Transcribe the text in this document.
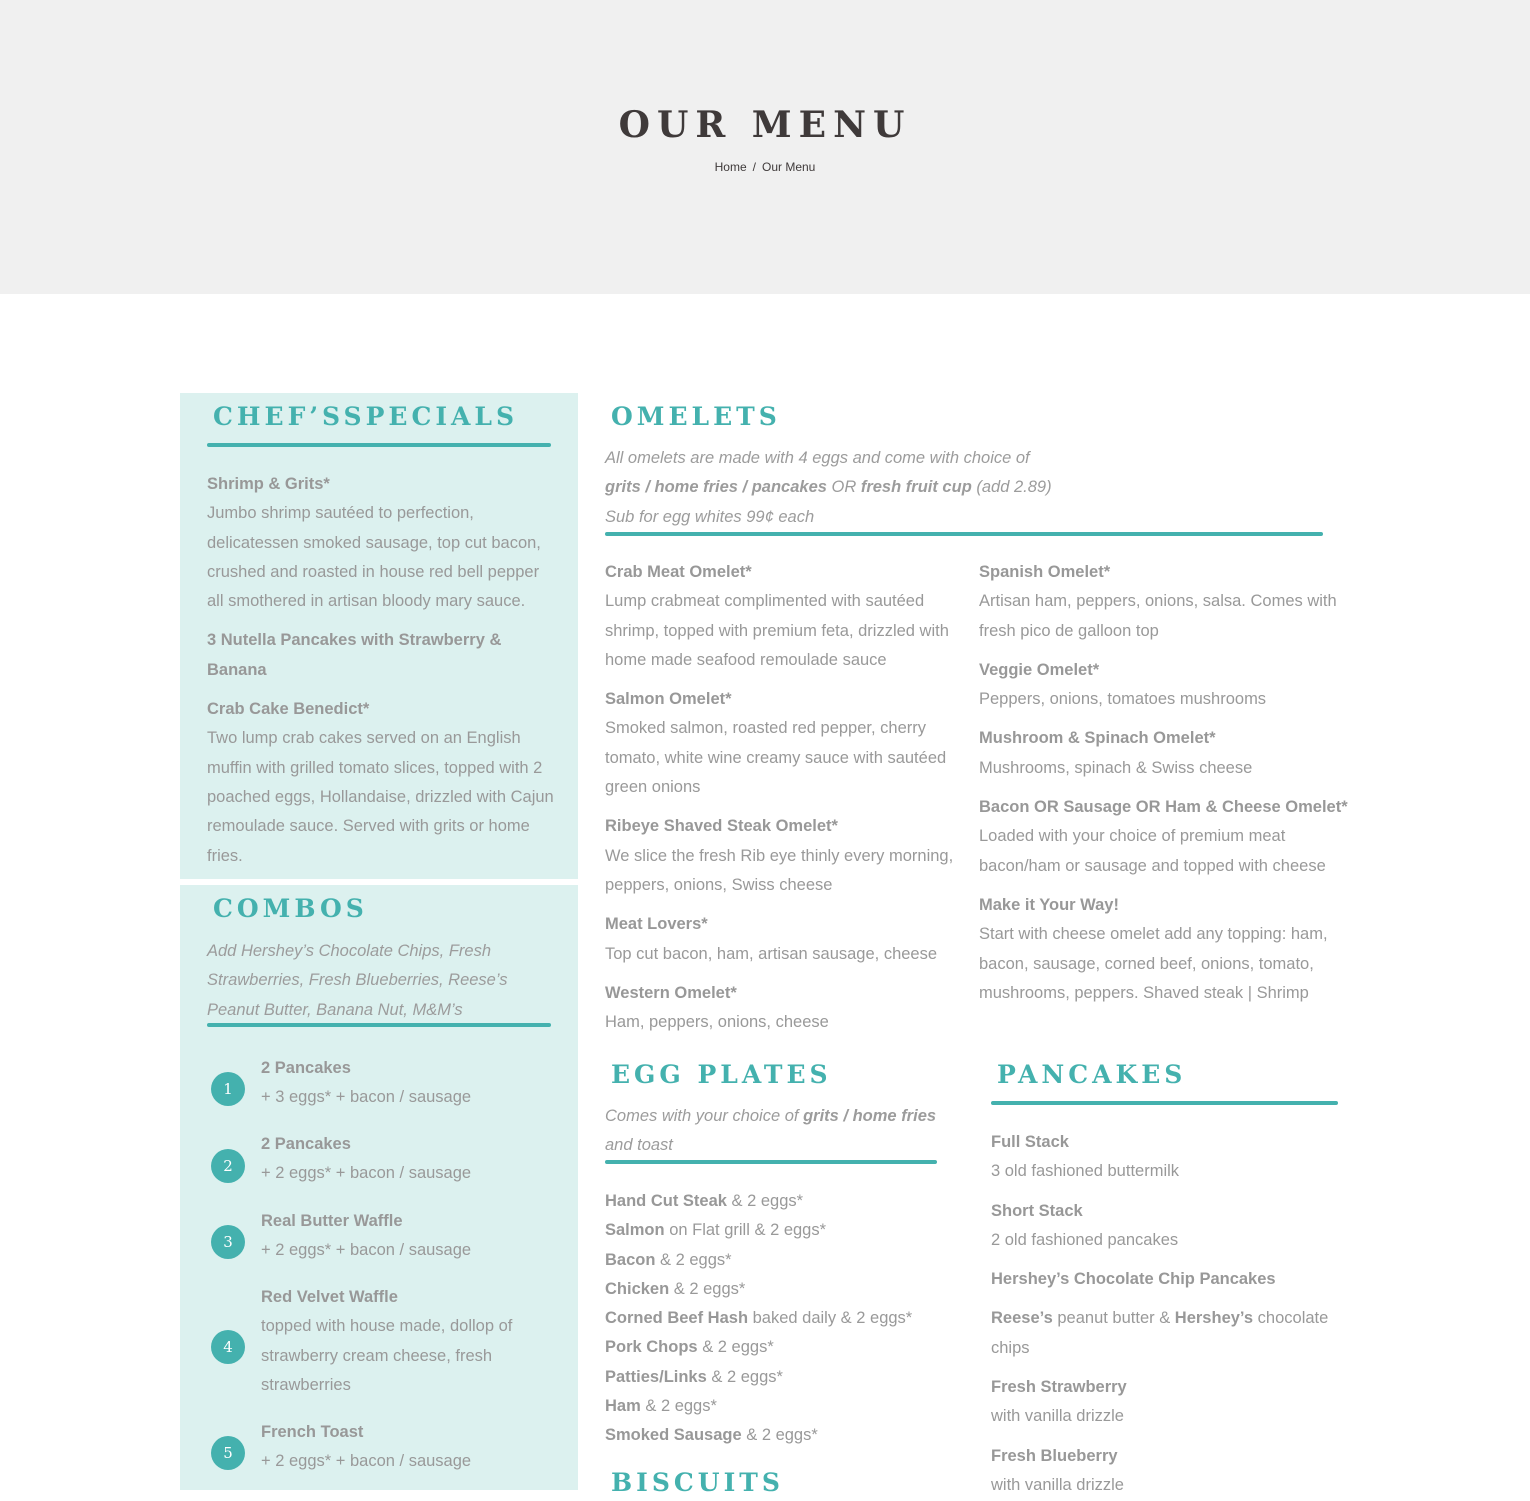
OUR MENU
Home / Our Menu
CHEF’SSPECIALS

Shrimp & Grits*

Jumbo shrimp sautéed to perfection, delicatessen smoked sausage, top cut bacon, crushed and roasted in house red bell pepper all smothered in artisan bloody mary sauce.

3 Nutella Pancakes with Strawberry & Banana

Crab Cake Benedict*

Two lump crab cakes served on an English muffin with grilled tomato slices, topped with 2 poached eggs, Hollandaise, drizzled with Cajun remoulade sauce. Served with grits or home fries.

COMBOS
Add Hershey’s Chocolate Chips, Fresh Strawberries, Fresh Blueberries, Reese’s Peanut Butter, Banana Nut, M&M’s
1

2 Pancakes

+ 3 eggs* + bacon / sausage

2

2 Pancakes

+ 2 eggs* + bacon / sausage

3

Real Butter Waffle

+ 2 eggs* + bacon / sausage

4

Red Velvet Waffle

topped with house made, dollop of strawberry cream cheese, fresh strawberries

5

French Toast

+ 2 eggs* + bacon / sausage

OMELETS

All omelets are made with 4 eggs and come with choice of

grits / home fries / pancakes OR fresh fruit cup (add 2.89)

Sub for egg whites 99¢ each

Crab Meat Omelet*

Lump crabmeat complimented with sautéed shrimp, topped with premium feta, drizzled with home made seafood remoulade sauce

Salmon Omelet*

Smoked salmon, roasted red pepper, cherry tomato, white wine creamy sauce with sautéed green onions

Ribeye Shaved Steak Omelet*

We slice the fresh Rib eye thinly every morning, peppers, onions, Swiss cheese

Meat Lovers*

Top cut bacon, ham, artisan sausage, cheese

Western Omelet*

Ham, peppers, onions, cheese

Spanish Omelet*

Artisan ham, peppers, onions, salsa. Comes with fresh pico de galloon top

Veggie Omelet*

Peppers, onions, tomatoes mushrooms

Mushroom & Spinach Omelet*

Mushrooms, spinach & Swiss cheese

Bacon OR Sausage OR Ham & Cheese Omelet*

Loaded with your choice of premium meat bacon/ham or sausage and topped with cheese

Make it Your Way!

Start with cheese omelet add any topping: ham, bacon, sausage, corned beef, onions, tomato, mushrooms, peppers. Shaved steak | Shrimp

EGG PLATES

Comes with your choice of grits / home fries

and toast

Hand Cut Steak & 2 eggs*

Salmon on Flat grill & 2 eggs*

Bacon & 2 eggs*

Chicken & 2 eggs*

Corned Beef Hash baked daily & 2 eggs*

Pork Chops & 2 eggs*

Patties/Links & 2 eggs*

Ham & 2 eggs*

Smoked Sausage & 2 eggs*

BISCUITS
PANCAKES

Full Stack

3 old fashioned buttermilk

Short Stack

2 old fashioned pancakes

Hershey’s Chocolate Chip Pancakes

Reese’s peanut butter & Hershey’s chocolate chips

Fresh Strawberry

with vanilla drizzle

Fresh Blueberry

with vanilla drizzle
